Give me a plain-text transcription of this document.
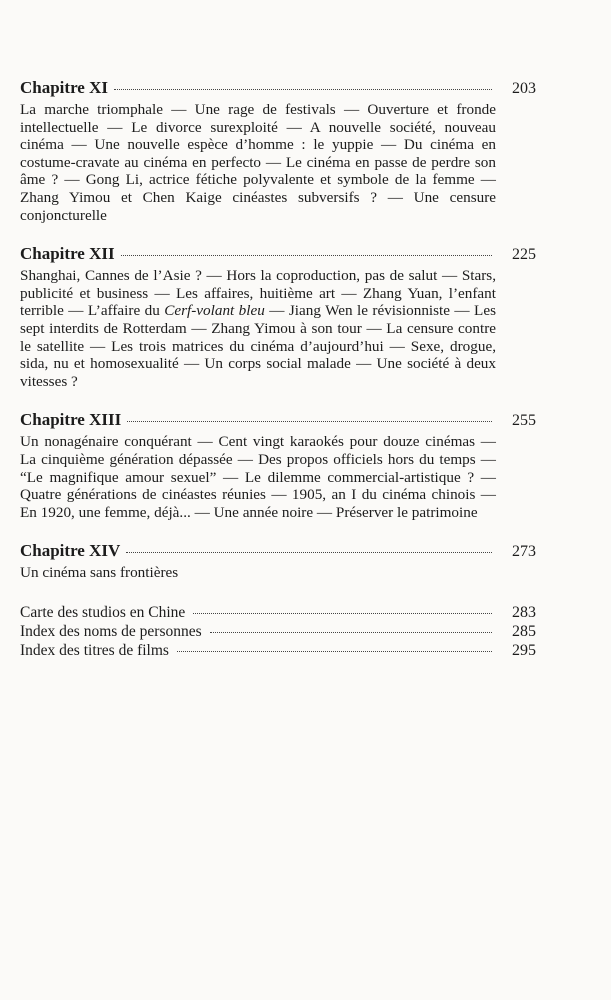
Chapitre XI	203
La marche triomphale — Une rage de festivals — Ouverture et fronde intellectuelle — Le divorce surexploité — A nouvelle société, nouveau cinéma — Une nouvelle espèce d’homme : le yuppie — Du cinéma en costume-cravate au cinéma en perfecto — Le cinéma en passe de perdre son âme ? — Gong Li, actrice fétiche polyvalente et symbole de la femme — Zhang Yimou et Chen Kaige cinéastes subversifs ? — Une censure conjoncturelle
Chapitre XII	225
Shanghai, Cannes de l’Asie ? — Hors la coproduction, pas de salut — Stars, publicité et business — Les affaires, huitième art — Zhang Yuan, l’enfant terrible — L’affaire du Cerf-volant bleu — Jiang Wen le révisionniste — Les sept interdits de Rotterdam — Zhang Yimou à son tour — La censure contre le satellite — Les trois matrices du cinéma d’aujourd’hui — Sexe, drogue, sida, nu et homosexualité — Un corps social malade — Une société à deux vitesses ?
Chapitre XIII	255
Un nonagénaire conquérant — Cent vingt karaokés pour douze cinémas — La cinquième génération dépassée — Des propos officiels hors du temps — “Le magnifique amour sexuel” — Le dilemme commercial-artistique ? — Quatre générations de cinéastes réunies — 1905, an I du cinéma chinois — En 1920, une femme, déjà... — Une année noire — Préserver le patrimoine
Chapitre XIV	273
Un cinéma sans frontières
Carte des studios en Chine	283
Index des noms de personnes	285
Index des titres de films	295
